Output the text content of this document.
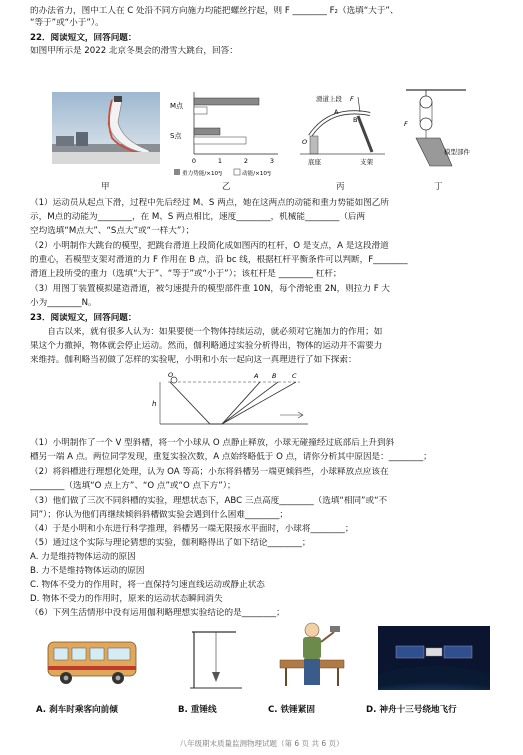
的办法省力，图中工人在 C 处沿不同方向施力均能把螺丝拧起，则 F ________ F₂（选填“大于”、
“等于”或“小于”）。
22．阅读短文，回答问题：
如图甲所示是 2022 北京冬奥会的滑雪大跳台，回答：
甲
M点
S点
0	1	2	3
重力势能/×10⁴J	动能/×10⁴J
乙
滑道上段
A
B
O
F
底座	支架
丙
F
模型部件
丁
（1）运动员从起点下滑，过程中先后经过 M、S 两点，她在这两点的动能和重力势能如图乙所
示，M点的动能为________，在 M、S 两点相比，速度________，机械能________（后两
空均选填“M点大”、“S点大”或“一样大”）；
（2）小明制作大跳台的模型，把跳台滑道上段简化成如图丙的杠杆，O 是支点，A 是这段滑道
的重心，若模型支架对滑道的力 F 作用在 B 点，沿 bc 线，根据杠杆平衡条件可以判断，F________
滑道上段所受的重力（选填“大于”、“等于”或“小于”）；该杠杆是 ________ 杠杆；
（3）用图丁装置模拟建造滑道，被匀速提升的模型部件重 10N，每个滑轮重 2N，则拉力 F 大
小为________N。
23．阅读短文，回答问题：
　　自古以来，就有很多人认为：如果要使一个物体持续运动，就必须对它施加力的作用；如
果这个力撤掉，物体就会停止运动。然而，伽利略通过实验分析得出，物体的运动并不需要力
来维持。伽利略当初做了怎样的实验呢，小明和小东一起向这一真理进行了如下探索：
O	A B C
h
（1）小明制作了一个 V 型斜槽，将一个小球从 O 点静止释放，小球无碰撞经过底部后上升到斜
槽另一端 A 点。两位同学发现，重复实验次数，A 点始终略低于 O 点，请你分析其中原因是：________；
（2）将斜槽进行理想化处理，认为 OA 等高；小东将斜槽另一端更倾斜些，小球释放点应该在
________（选填“O 点上方”、“O 点”或“O 点下方”）；
（3）他们做了三次不同斜槽的实验，理想状态下，ABC 三点高度________（选填“相同”或“不
同”）；你认为他们再继续倾斜斜槽做实验会遇到什么困难________；
（4）于是小明和小东进行科学推理，斜槽另一端无限接水平面时，小球将________；
（5）通过这个实际与理论猜想的实验，伽利略得出了如下结论________；
A. 力是维持物体运动的原因
B. 力不是维持物体运动的原因
C. 物体不受力的作用时，将一直保持匀速直线运动或静止状态
D. 物体不受力的作用时，原来的运动状态瞬间消失
（6）下列生活情形中没有运用伽利略理想实验结论的是________；
A. 刹车时乘客向前倾	B. 重锤线	C. 铁锤紧固	D. 神舟十三号绕地飞行
八年级期末质量监测物理试题（第 6 页 共 6 页）
